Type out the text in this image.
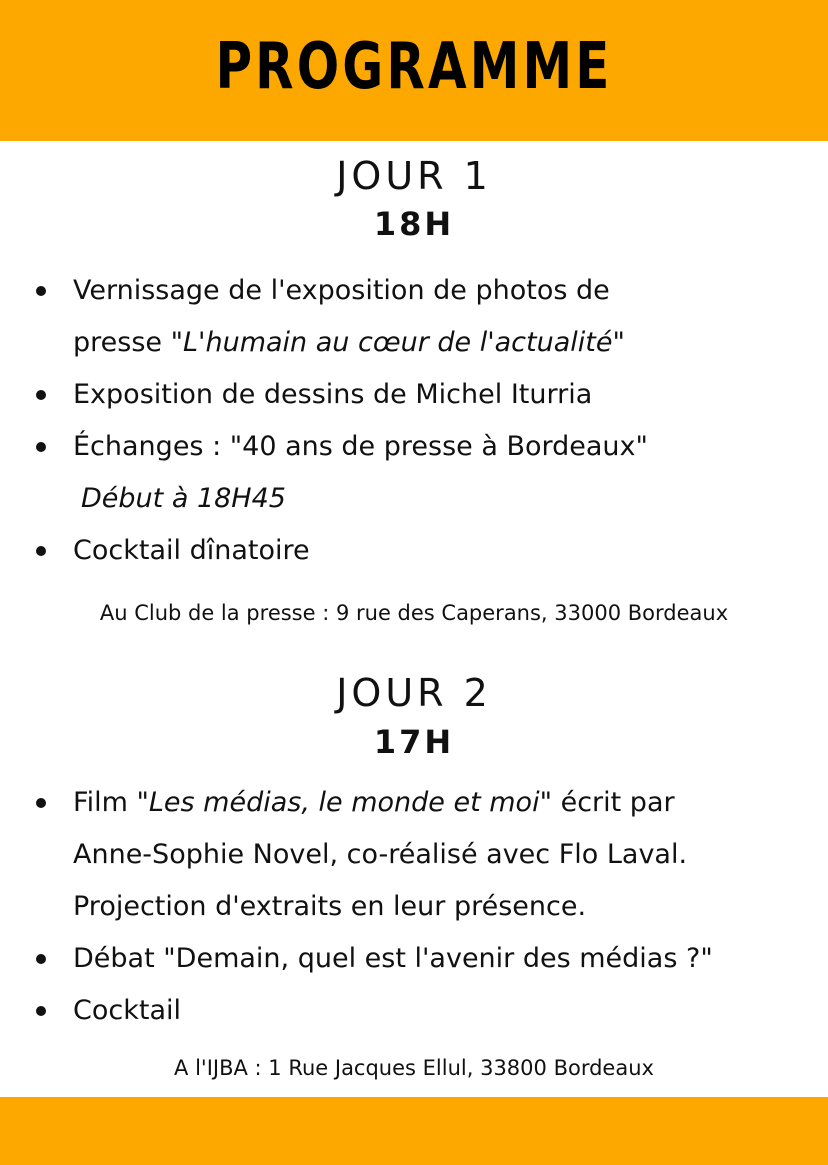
PROGRAMME
JOUR 1
18H
Vernissage de l'exposition de photos de
presse "L'humain au cœur de l'actualité"
Exposition de dessins de Michel Iturria
Échanges : "40 ans de presse à Bordeaux"
Début à 18H45
Cocktail dînatoire
Au Club de la presse : 9 rue des Caperans, 33000 Bordeaux
JOUR 2
17H
Film "Les médias, le monde et moi" écrit par
Anne-Sophie Novel, co-réalisé avec Flo Laval.
Projection d'extraits en leur présence.
Débat "Demain, quel est l'avenir des médias ?"
Cocktail
A l'IJBA : 1 Rue Jacques Ellul, 33800 Bordeaux
